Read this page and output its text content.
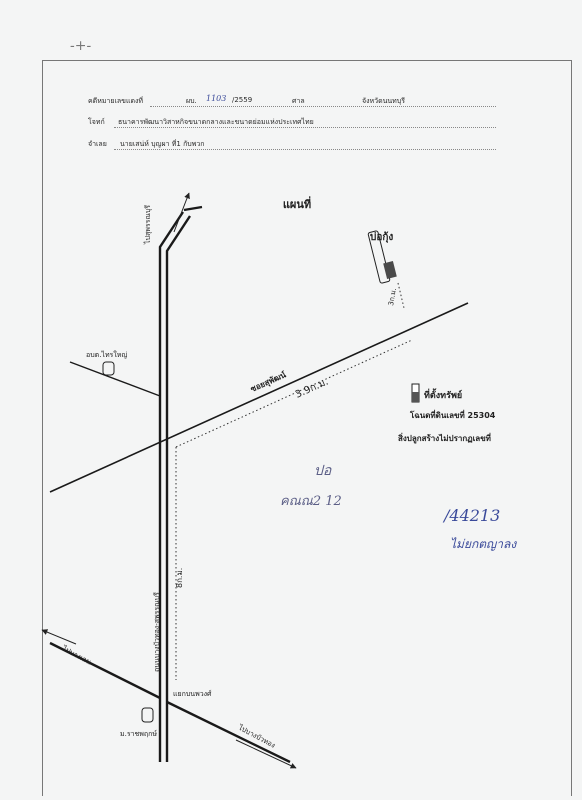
-+-
คดีหมายเลขแดงที่	ผบ. 1103 /2559	ศาล	จังหวัดนนทบุรี
โจทก์ ธนาคารพัฒนาวิสาหกิจขนาดกลางและขนาดย่อมแห่งประเทศไทย
จำเลย นายเสน่ห์ บุญผา ที่1 กับพวก
แผนที่
ไปสุพรรณบุรี	บ่อกุ้ง
3ก.ม.
อบต.ไทรใหญ่
ซอยสุพัฒน์ 3.9ก.ม.	ที่ตั้งทรัพย์
โฉนดที่ดินเลขที่ 25304
สิ่งปลูกสร้างไม่ปรากฏเลขที่
ถนนบางบัวทอง-สุพรรณบุรี
8ก.ม.
ไปบางเลน
แยกบนพวงศ์
ม.ราชพฤกษ์	ไปบางบัวทอง
ปอ
คณณ2 12
/44213
ไม่ยกตญาลง
